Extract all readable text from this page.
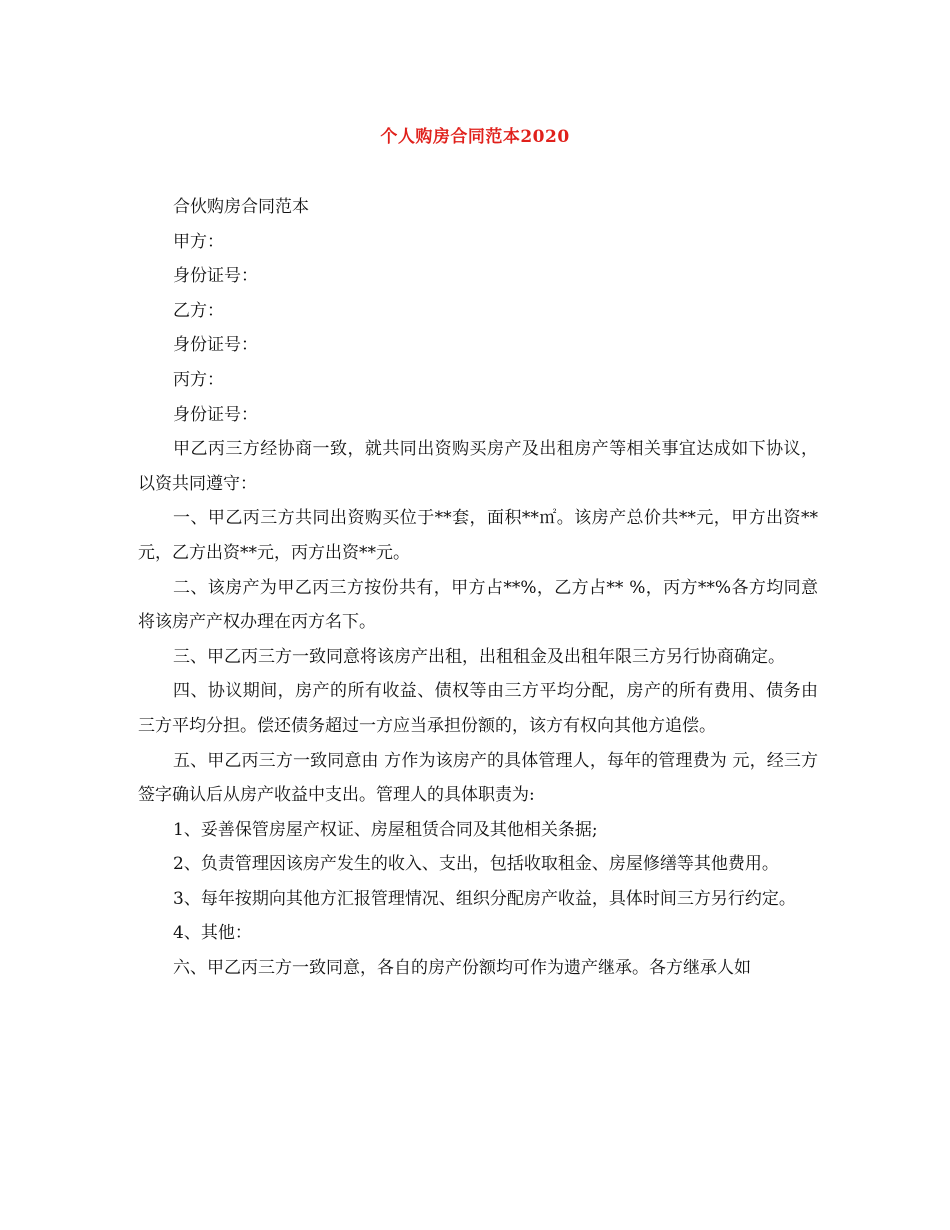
个人购房合同范本2020

合伙购房合同范本

甲方：

身份证号：

乙方：

身份证号：

丙方：

身份证号：

甲乙丙三方经协商一致，就共同出资购买房产及出租房产等相关事宜达成如下协议，以资共同遵守：

一、甲乙丙三方共同出资购买位于**套，面积**㎡。该房产总价共**元，甲方出资**元，乙方出资**元，丙方出资**元。

二、该房产为甲乙丙三方按份共有，甲方占**%，乙方占** %，丙方**%各方均同意将该房产产权办理在丙方名下。

三、甲乙丙三方一致同意将该房产出租，出租租金及出租年限三方另行协商确定。

四、协议期间，房产的所有收益、债权等由三方平均分配，房产的所有费用、债务由三方平均分担。偿还债务超过一方应当承担份额的，该方有权向其他方追偿。

五、甲乙丙三方一致同意由 方作为该房产的具体管理人，每年的管理费为 元，经三方签字确认后从房产收益中支出。管理人的具体职责为:

1、妥善保管房屋产权证、房屋租赁合同及其他相关条据;

2、负责管理因该房产发生的收入、支出，包括收取租金、房屋修缮等其他费用。

3、每年按期向其他方汇报管理情况、组织分配房产收益，具体时间三方另行约定。

4、其他：

六、甲乙丙三方一致同意，各自的房产份额均可作为遗产继承。各方继承人如
